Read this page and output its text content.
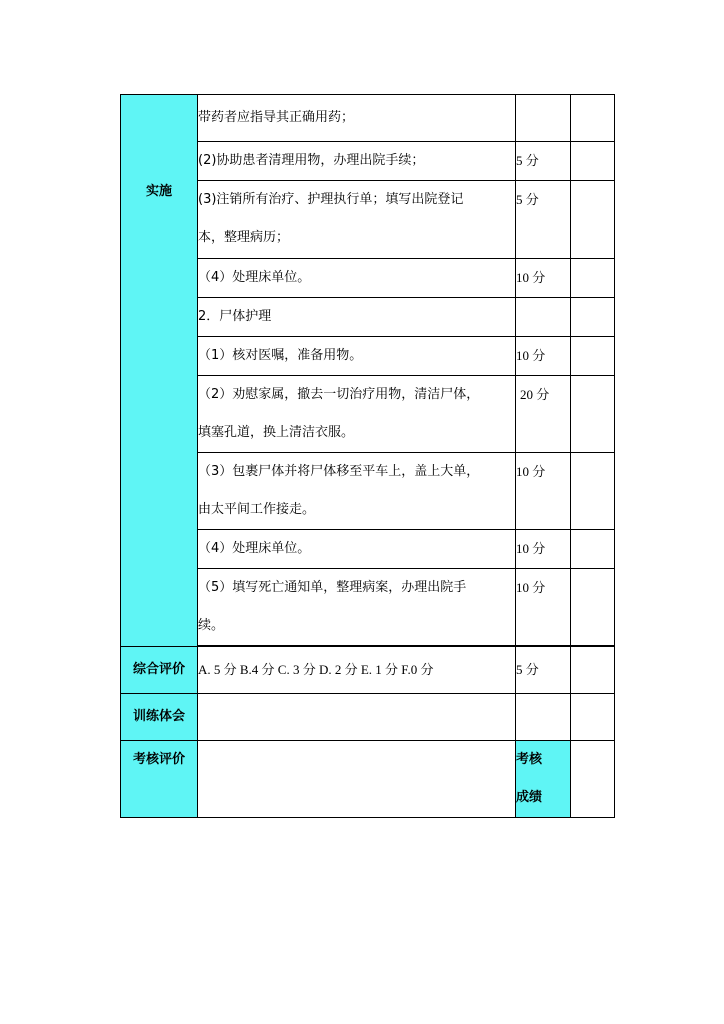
实施	带药者应指导其正确用药；		

	(2)协助患者清理用物，办理出院手续；	5 分	

	(3)注销所有治疗、护理执行单；填写出院登记
本，整理病历；	5 分	

	（4）处理床单位。	10 分	

	2．尸体护理		

	（1）核对医嘱，准备用物。	10 分	

	（2）劝慰家属，撤去一切治疗用物，清洁尸体，
填塞孔道，换上清洁衣服。	20 分	

	（3）包裹尸体并将尸体移至平车上，盖上大单，
由太平间工作接走。	10 分	

	（4）处理床单位。	10 分	

	（5）填写死亡通知单，整理病案，办理出院手
续。	10 分	

综合评价	A. 5 分 B.4 分 C. 3 分 D. 2 分 E. 1 分 F.0 分	5 分	

训练体会			

考核评价		考核
成绩	
